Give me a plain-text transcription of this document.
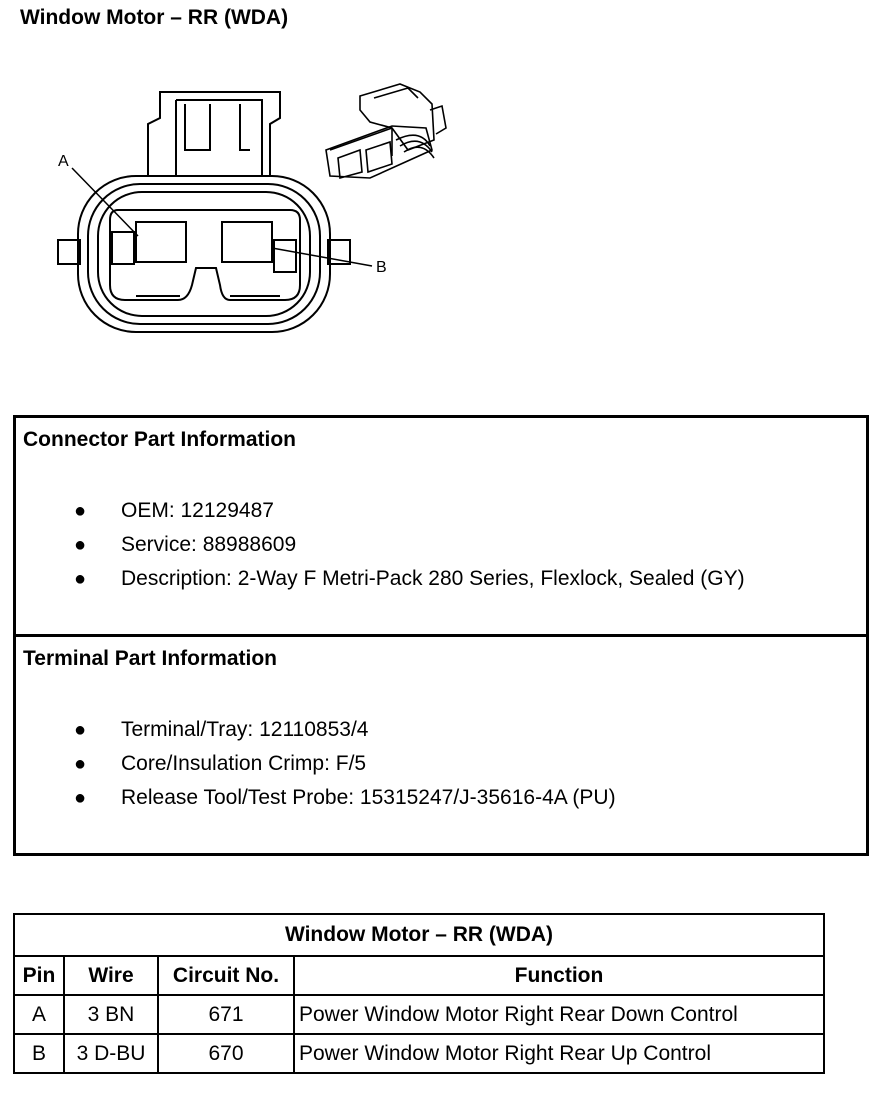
Window Motor – RR (WDA)
A
B
Connector Part Information
● OEM: 12129487
● Service: 88988609
● Description: 2-Way F Metri-Pack 280 Series, Flexlock, Sealed (GY)
Terminal Part Information
● Terminal/Tray: 12110853/4
● Core/Insulation Crimp: F/5
● Release Tool/Test Probe: 15315247/J-35616-4A (PU)
Window Motor – RR (WDA)			
Pin	Wire	Circuit No.	Function
A	3 BN	671	Power Window Motor Right Rear Down Control
B	3 D-BU	670	Power Window Motor Right Rear Up Control
